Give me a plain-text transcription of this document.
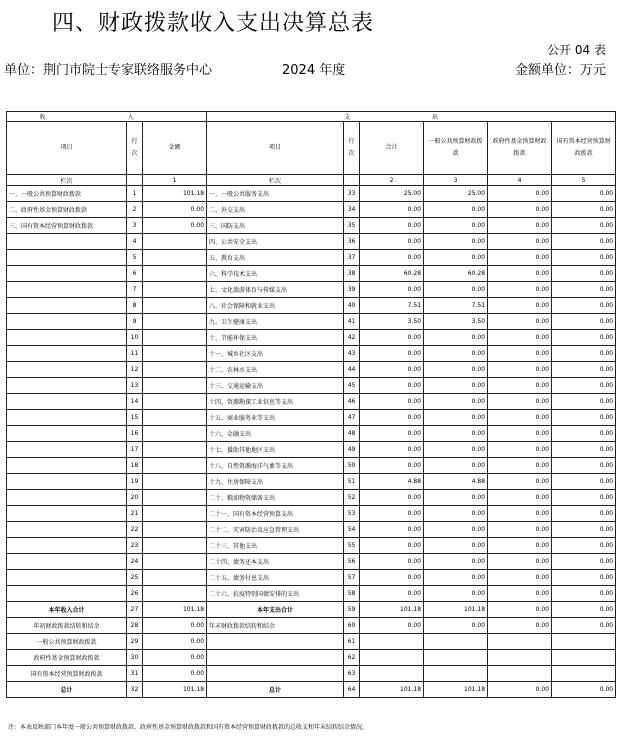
四、财政拨款收入支出决算总表
公开 04 表
单位：荆门市院士专家联络服务中心	2024 年度	金额单位：万元
收 入			支 出					
项目	行次	金额	项目	行次	合计	一般公共预算财政拨款	政府性基金预算财政拨款	国有资本经营预算财政拨款
栏次		1	栏次		2	3	4	5
一、一般公共预算财政拨款	1	101.18	一、一般公共服务支出	33	25.00	25.00	0.00	0.00
二、政府性基金预算财政拨款	2	0.00	二、外交支出	34	0.00	0.00	0.00	0.00
三、国有资本经营预算财政拨款	3	0.00	三、国防支出	35	0.00	0.00	0.00	0.00
	4		四、公共安全支出	36	0.00	0.00	0.00	0.00
	5		五、教育支出	37	0.00	0.00	0.00	0.00
	6		六、科学技术支出	38	60.28	60.28	0.00	0.00
	7		七、文化旅游体育与传媒支出	39	0.00	0.00	0.00	0.00
	8		八、社会保障和就业支出	40	7.51	7.51	0.00	0.00
	9		九、卫生健康支出	41	3.50	3.50	0.00	0.00
	10		十、节能环保支出	42	0.00	0.00	0.00	0.00
	11		十一、城乡社区支出	43	0.00	0.00	0.00	0.00
	12		十二、农林水支出	44	0.00	0.00	0.00	0.00
	13		十三、交通运输支出	45	0.00	0.00	0.00	0.00
	14		十四、资源勘探工业信息等支出	46	0.00	0.00	0.00	0.00
	15		十五、商业服务业等支出	47	0.00	0.00	0.00	0.00
	16		十六、金融支出	48	0.00	0.00	0.00	0.00
	17		十七、援助其他地区支出	49	0.00	0.00	0.00	0.00
	18		十八、自然资源海洋气象等支出	50	0.00	0.00	0.00	0.00
	19		十九、住房保障支出	51	4.88	4.88	0.00	0.00
	20		二十、粮油物资储备支出	52	0.00	0.00	0.00	0.00
	21		二十一、国有资本经营预算支出	53	0.00	0.00	0.00	0.00
	22		二十二、灾害防治及应急管理支出	54	0.00	0.00	0.00	0.00
	23		二十三、其他支出	55	0.00	0.00	0.00	0.00
	24		二十四、债务还本支出	56	0.00	0.00	0.00	0.00
	25		二十五、债务付息支出	57	0.00	0.00	0.00	0.00
	26		二十六、抗疫特别国债安排的支出	58	0.00	0.00	0.00	0.00
本年收入合计	27	101.18	本年支出合计	59	101.18	101.18	0.00	0.00
年初财政拨款结转和结余	28	0.00	年末财政拨款结转和结余	60	0.00	0.00	0.00	0.00
一般公共预算财政拨款	29	0.00		61				
政府性基金预算财政拨款	30	0.00		62				
国有资本经营预算财政拨款	31	0.00		63				
总计	32	101.18	总计	64	101.18	101.18	0.00	0.00
注：本表反映部门本年度一般公共预算财政拨款、政府性基金预算财政拨款和国有资本经营预算财政拨款的总收支和年末结转结余情况。
